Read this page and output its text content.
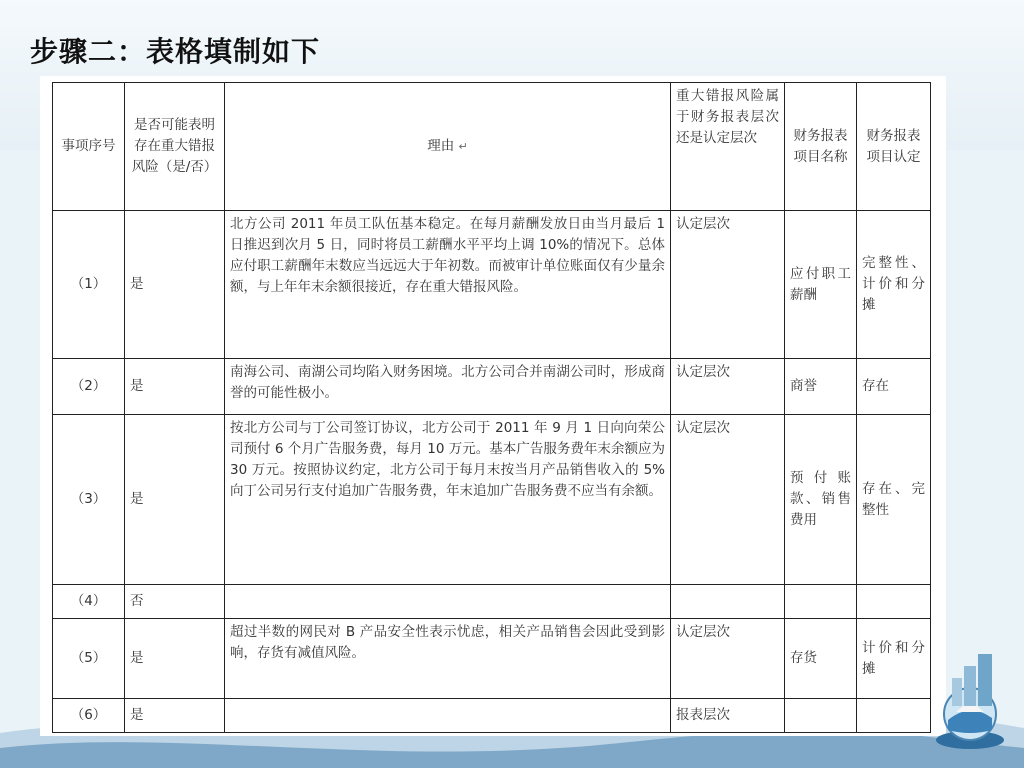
步骤二：表格填制如下
事项序号	是否可能表明存在重大错报风险（是/否）	理由 ↵	重大错报风险属于财务报表层次还是认定层次	财务报表项目名称	财务报表项目认定
（1）	是	北方公司 2011 年员工队伍基本稳定。在每月薪酬发放日由当月最后 1 日推迟到次月 5 日，同时将员工薪酬水平平均上调 10%的情况下。总体应付职工薪酬年末数应当远远大于年初数。而被审计单位账面仅有少量余额，与上年年末余额很接近，存在重大错报风险。	认定层次	应付职工薪酬	完整性、计价和分摊
（2）	是	南海公司、南湖公司均陷入财务困境。北方公司合并南湖公司时，形成商誉的可能性极小。	认定层次	商誉	存在
（3）	是	按北方公司与丁公司签订协议，北方公司于 2011 年 9 月 1 日向向荣公司预付 6 个月广告服务费，每月 10 万元。基本广告服务费年末余额应为 30 万元。按照协议约定，北方公司于每月末按当月产品销售收入的 5%向丁公司另行支付追加广告服务费，年末追加广告服务费不应当有余额。	认定层次	预付账款、销售费用	存在、完整性
（4）	否				
（5）	是	超过半数的网民对 B 产品安全性表示忧虑，相关产品销售会因此受到影响，存货有减值风险。	认定层次	存货	计价和分摊
（6）	是		报表层次		
